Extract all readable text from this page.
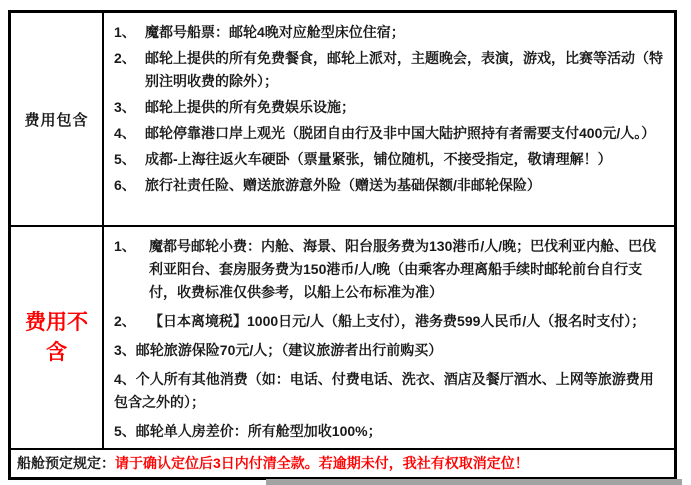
费用包含
1、 魔都号船票：邮轮4晚对应舱型床位住宿；
2、 邮轮上提供的所有免费餐食，邮轮上派对，主题晚会，表演，游戏，比赛等活动（特别注明收费的除外）；
3、 邮轮上提供的所有免费娱乐设施；
4、 邮轮停靠港口岸上观光（脱团自由行及非中国大陆护照持有者需要支付400元/人。）
5、 成都-上海往返火车硬卧（票量紧张，铺位随机，不接受指定，敬请理解！）
6、 旅行社责任险、赠送旅游意外险（赠送为基础保额/非邮轮保险）
费用不含
1、 魔都号邮轮小费：内舱、海景、阳台服务费为130港币/人/晚；巴伐利亚内舱、巴伐利亚阳台、套房服务费为150港币/人/晚（由乘客办理离船手续时邮轮前台自行支付，收费标准仅供参考，以船上公布标准为准）
2、 【日本离境税】1000日元/人（船上支付），港务费599人民币/人（报名时支付）；
3、邮轮旅游保险70元/人；（建议旅游者出行前购买）
4、个人所有其他消费（如：电话、付费电话、洗衣、酒店及餐厅酒水、上网等旅游费用包含之外的）；
5、邮轮单人房差价：所有舱型加收100%；
船舱预定规定：请于确认定位后3日内付清全款。若逾期未付，我社有权取消定位！
